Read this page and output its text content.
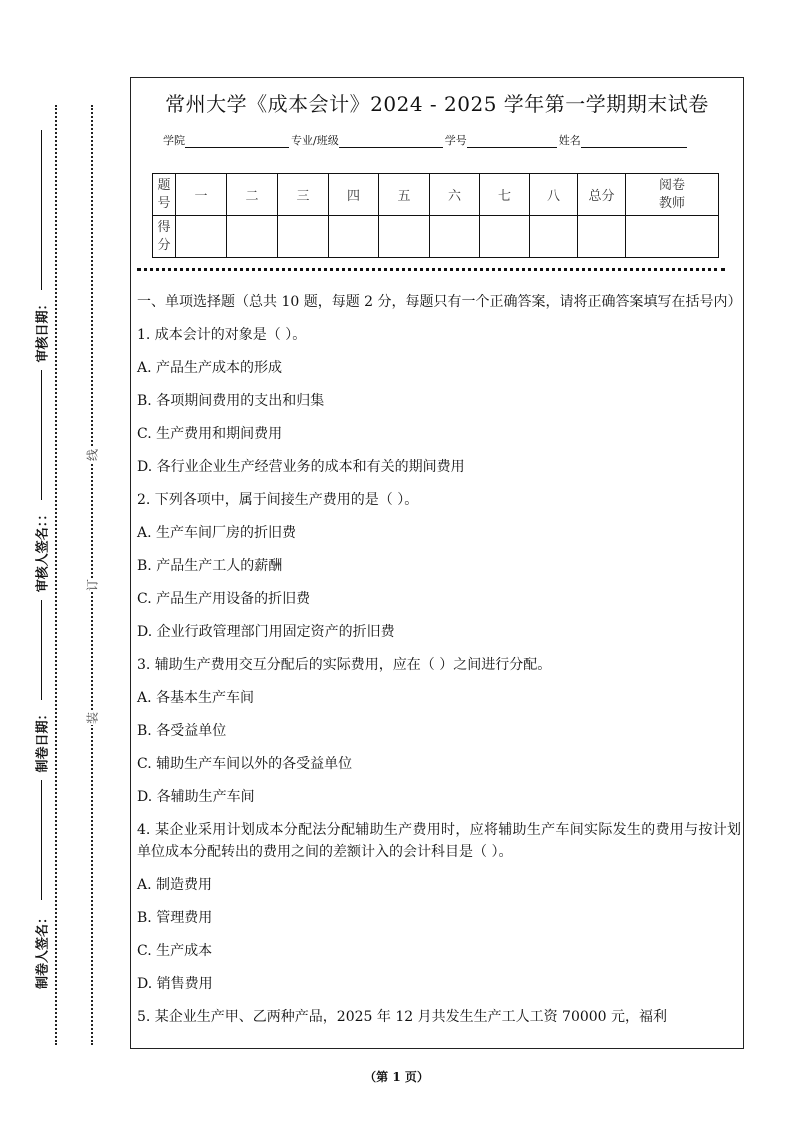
审核日期：
审核人签名：：
制卷日期：
制卷人签名：
线
订
装
常州大学《成本会计》2024 - 2025 学年第一学期期末试卷
学院	专业/班级	学号	姓名
题号	一	二	三	四	五	六	七	八	总分	阅卷教师
得分										

一、单项选择题（总共 10 题，每题 2 分，每题只有一个正确答案，请将正确答案填写在括号内）

1. 成本会计的对象是（ ）。

A. 产品生产成本的形成

B. 各项期间费用的支出和归集

C. 生产费用和期间费用

D. 各行业企业生产经营业务的成本和有关的期间费用

2. 下列各项中，属于间接生产费用的是（ ）。

A. 生产车间厂房的折旧费

B. 产品生产工人的薪酬

C. 产品生产用设备的折旧费

D. 企业行政管理部门用固定资产的折旧费

3. 辅助生产费用交互分配后的实际费用，应在（ ）之间进行分配。

A. 各基本生产车间

B. 各受益单位

C. 辅助生产车间以外的各受益单位

D. 各辅助生产车间

4. 某企业采用计划成本分配法分配辅助生产费用时，应将辅助生产车间实际发生的费用与按计划单位成本分配转出的费用之间的差额计入的会计科目是（ ）。

A. 制造费用

B. 管理费用

C. 生产成本

D. 销售费用

5. 某企业生产甲、乙两种产品，2025 年 12 月共发生生产工人工资 70000 元，福利

（第 1 页）
